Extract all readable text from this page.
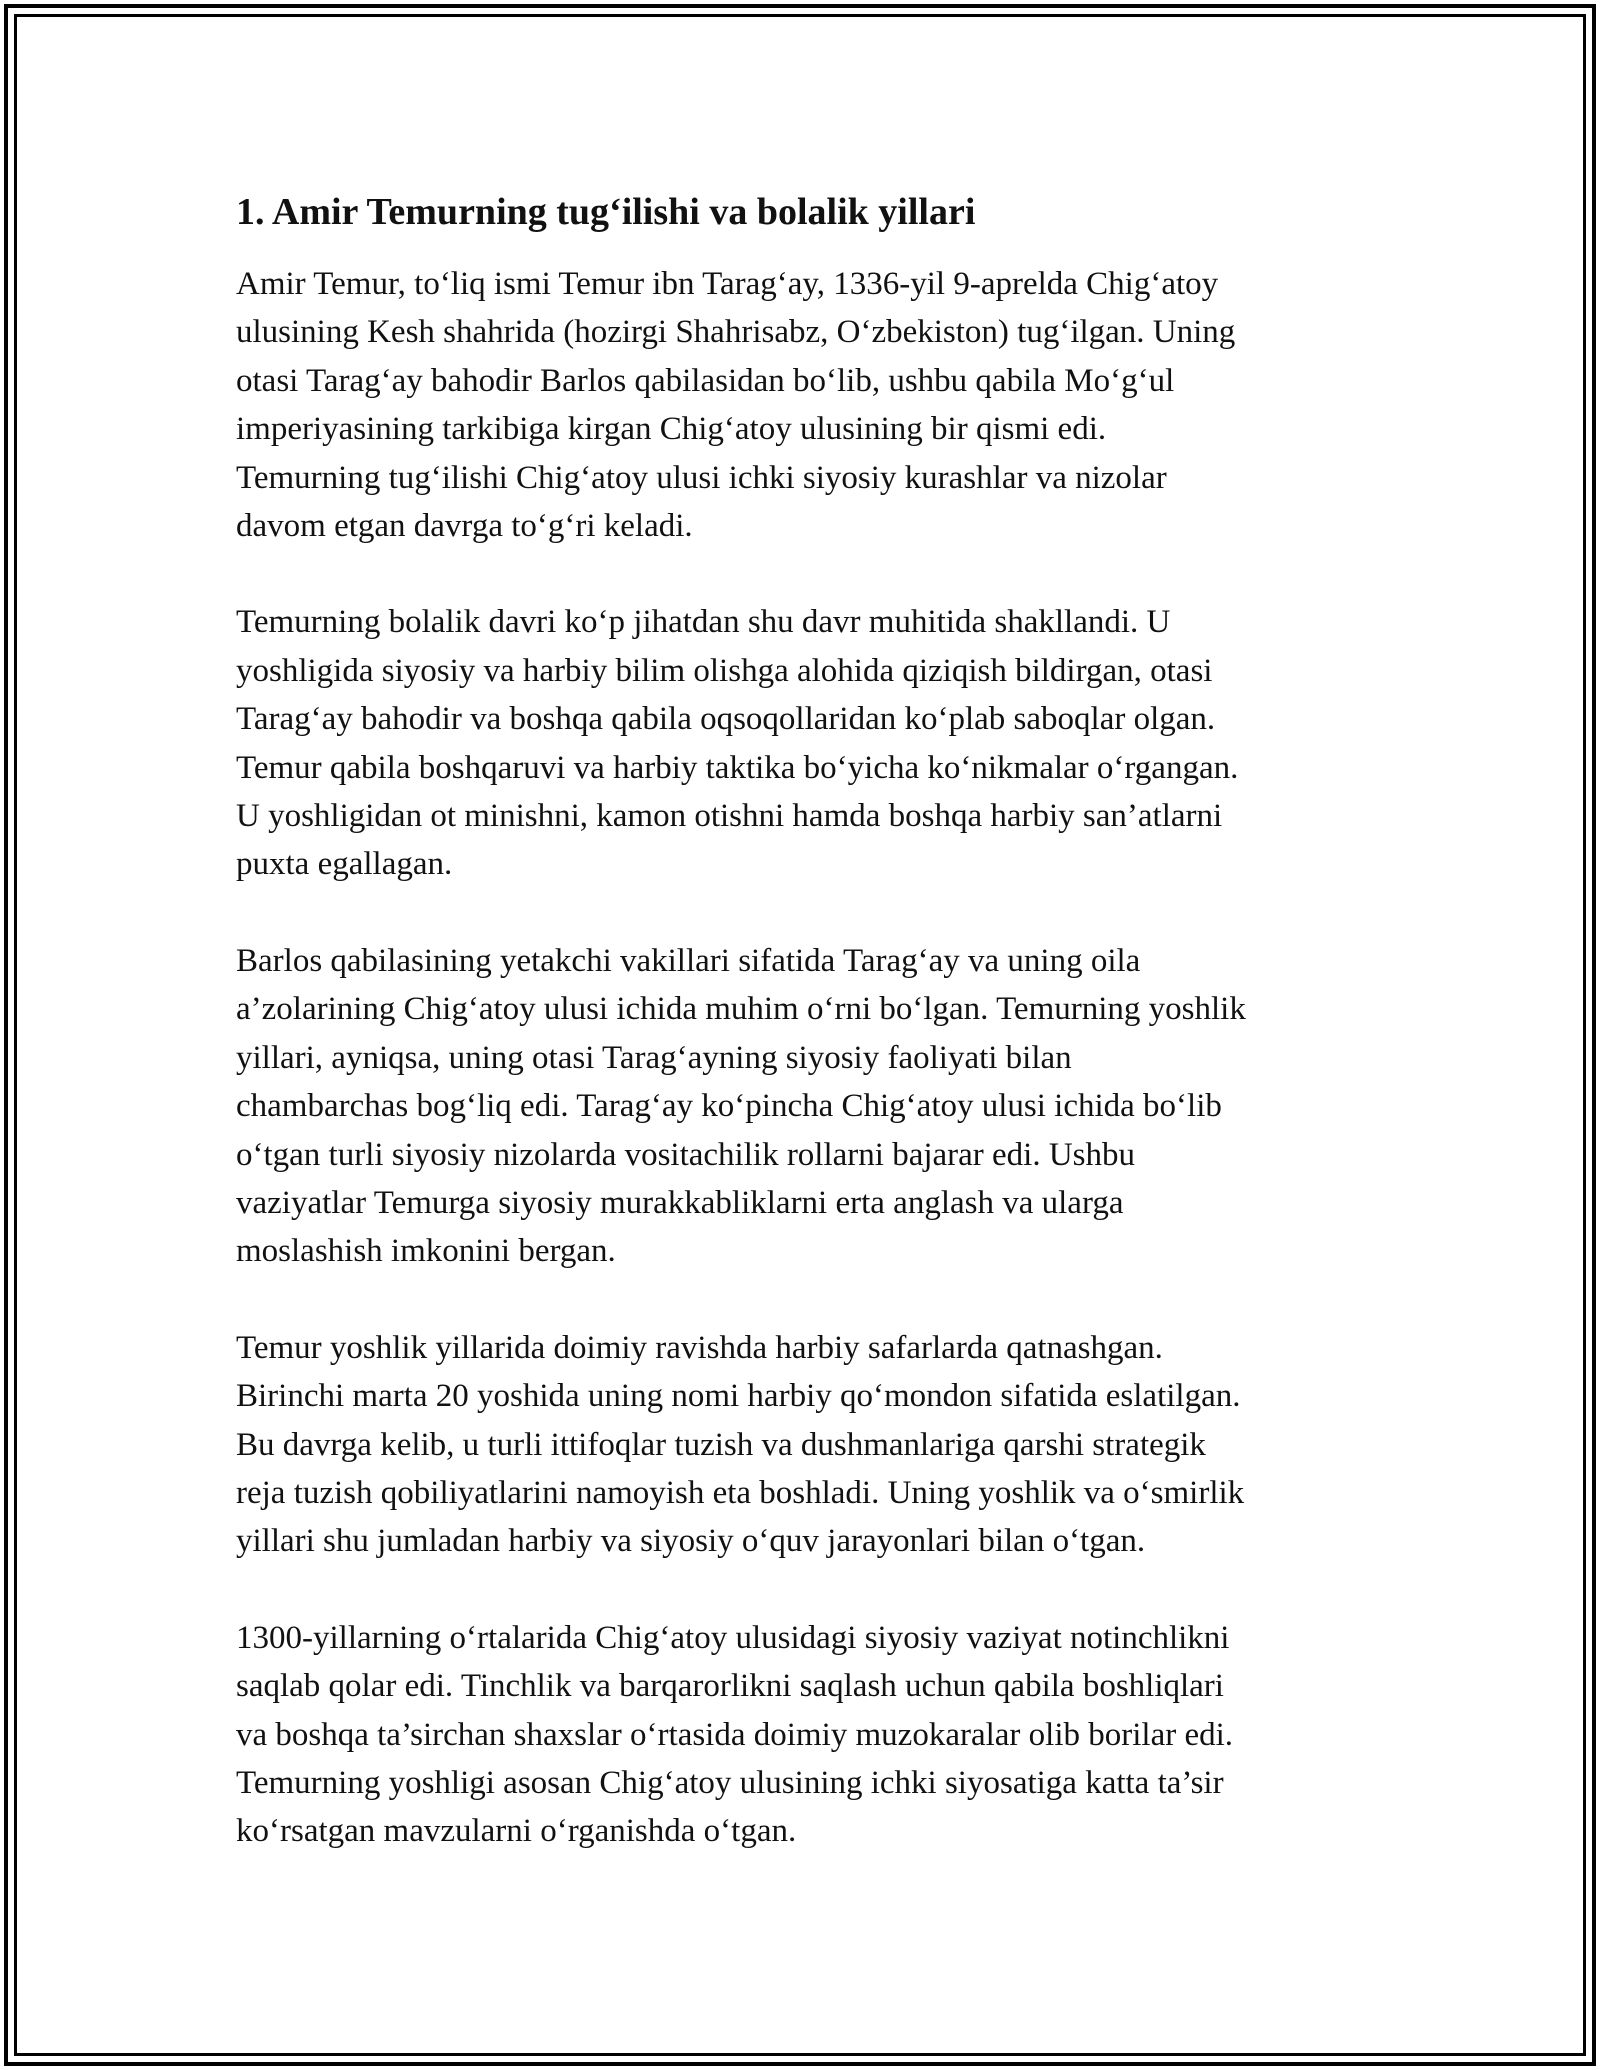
1. Amir Temurning tug‘ilishi va bolalik yillari

Amir Temur, to‘liq ismi Temur ibn Tarag‘ay, 1336-yil 9-aprelda Chig‘atoy
ulusining Kesh shahrida (hozirgi Shahrisabz, O‘zbekiston) tug‘ilgan. Uning
otasi Tarag‘ay bahodir Barlos qabilasidan bo‘lib, ushbu qabila Mo‘g‘ul
imperiyasining tarkibiga kirgan Chig‘atoy ulusining bir qismi edi.
Temurning tug‘ilishi Chig‘atoy ulusi ichki siyosiy kurashlar va nizolar
davom etgan davrga to‘g‘ri keladi.

Temurning bolalik davri ko‘p jihatdan shu davr muhitida shakllandi. U
yoshligida siyosiy va harbiy bilim olishga alohida qiziqish bildirgan, otasi
Tarag‘ay bahodir va boshqa qabila oqsoqollaridan ko‘plab saboqlar olgan.
Temur qabila boshqaruvi va harbiy taktika bo‘yicha ko‘nikmalar o‘rgangan.
U yoshligidan ot minishni, kamon otishni hamda boshqa harbiy san’atlarni
puxta egallagan.

Barlos qabilasining yetakchi vakillari sifatida Tarag‘ay va uning oila
a’zolarining Chig‘atoy ulusi ichida muhim o‘rni bo‘lgan. Temurning yoshlik
yillari, ayniqsa, uning otasi Tarag‘ayning siyosiy faoliyati bilan
chambarchas bog‘liq edi. Tarag‘ay ko‘pincha Chig‘atoy ulusi ichida bo‘lib
o‘tgan turli siyosiy nizolarda vositachilik rollarni bajarar edi. Ushbu
vaziyatlar Temurga siyosiy murakkabliklarni erta anglash va ularga
moslashish imkonini bergan.

Temur yoshlik yillarida doimiy ravishda harbiy safarlarda qatnashgan.
Birinchi marta 20 yoshida uning nomi harbiy qo‘mondon sifatida eslatilgan.
Bu davrga kelib, u turli ittifoqlar tuzish va dushmanlariga qarshi strategik
reja tuzish qobiliyatlarini namoyish eta boshladi. Uning yoshlik va o‘smirlik
yillari shu jumladan harbiy va siyosiy o‘quv jarayonlari bilan o‘tgan.

1300-yillarning o‘rtalarida Chig‘atoy ulusidagi siyosiy vaziyat notinchlikni
saqlab qolar edi. Tinchlik va barqarorlikni saqlash uchun qabila boshliqlari
va boshqa ta’sirchan shaxslar o‘rtasida doimiy muzokaralar olib borilar edi.
Temurning yoshligi asosan Chig‘atoy ulusining ichki siyosatiga katta ta’sir
ko‘rsatgan mavzularni o‘rganishda o‘tgan.
